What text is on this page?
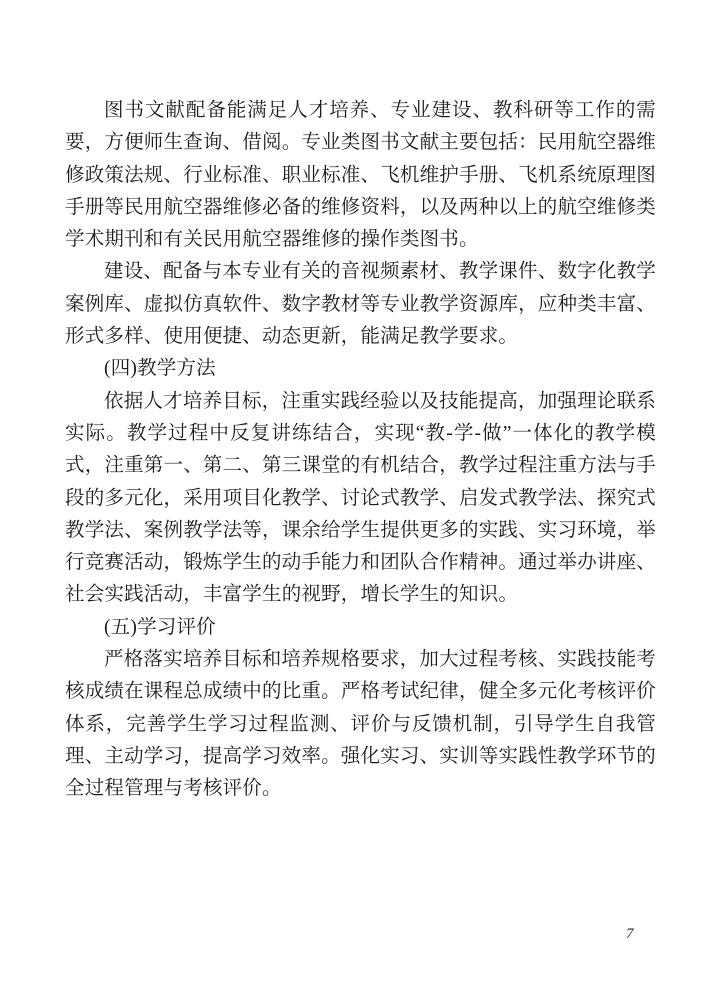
图书文献配备能满足人才培养、专业建设、教科研等工作的需要，方便师生查询、借阅。专业类图书文献主要包括：民用航空器维修政策法规、行业标准、职业标准、飞机维护手册、飞机系统原理图手册等民用航空器维修必备的维修资料，以及两种以上的航空维修类学术期刊和有关民用航空器维修的操作类图书。

建设、配备与本专业有关的音视频素材、教学课件、数字化教学案例库、虚拟仿真软件、数字教材等专业教学资源库，应种类丰富、形式多样、使用便捷、动态更新，能满足教学要求。

(四)教学方法

依据人才培养目标，注重实践经验以及技能提高，加强理论联系实际。教学过程中反复讲练结合，实现“教-学-做”一体化的教学模式，注重第一、第二、第三课堂的有机结合，教学过程注重方法与手段的多元化，采用项目化教学、讨论式教学、启发式教学法、探究式教学法、案例教学法等，课余给学生提供更多的实践、实习环境，举行竞赛活动，锻炼学生的动手能力和团队合作精神。通过举办讲座、社会实践活动，丰富学生的视野，增长学生的知识。

(五)学习评价

严格落实培养目标和培养规格要求，加大过程考核、实践技能考核成绩在课程总成绩中的比重。严格考试纪律，健全多元化考核评价体系，完善学生学习过程监测、评价与反馈机制，引导学生自我管理、主动学习，提高学习效率。强化实习、实训等实践性教学环节的全过程管理与考核评价。

7
